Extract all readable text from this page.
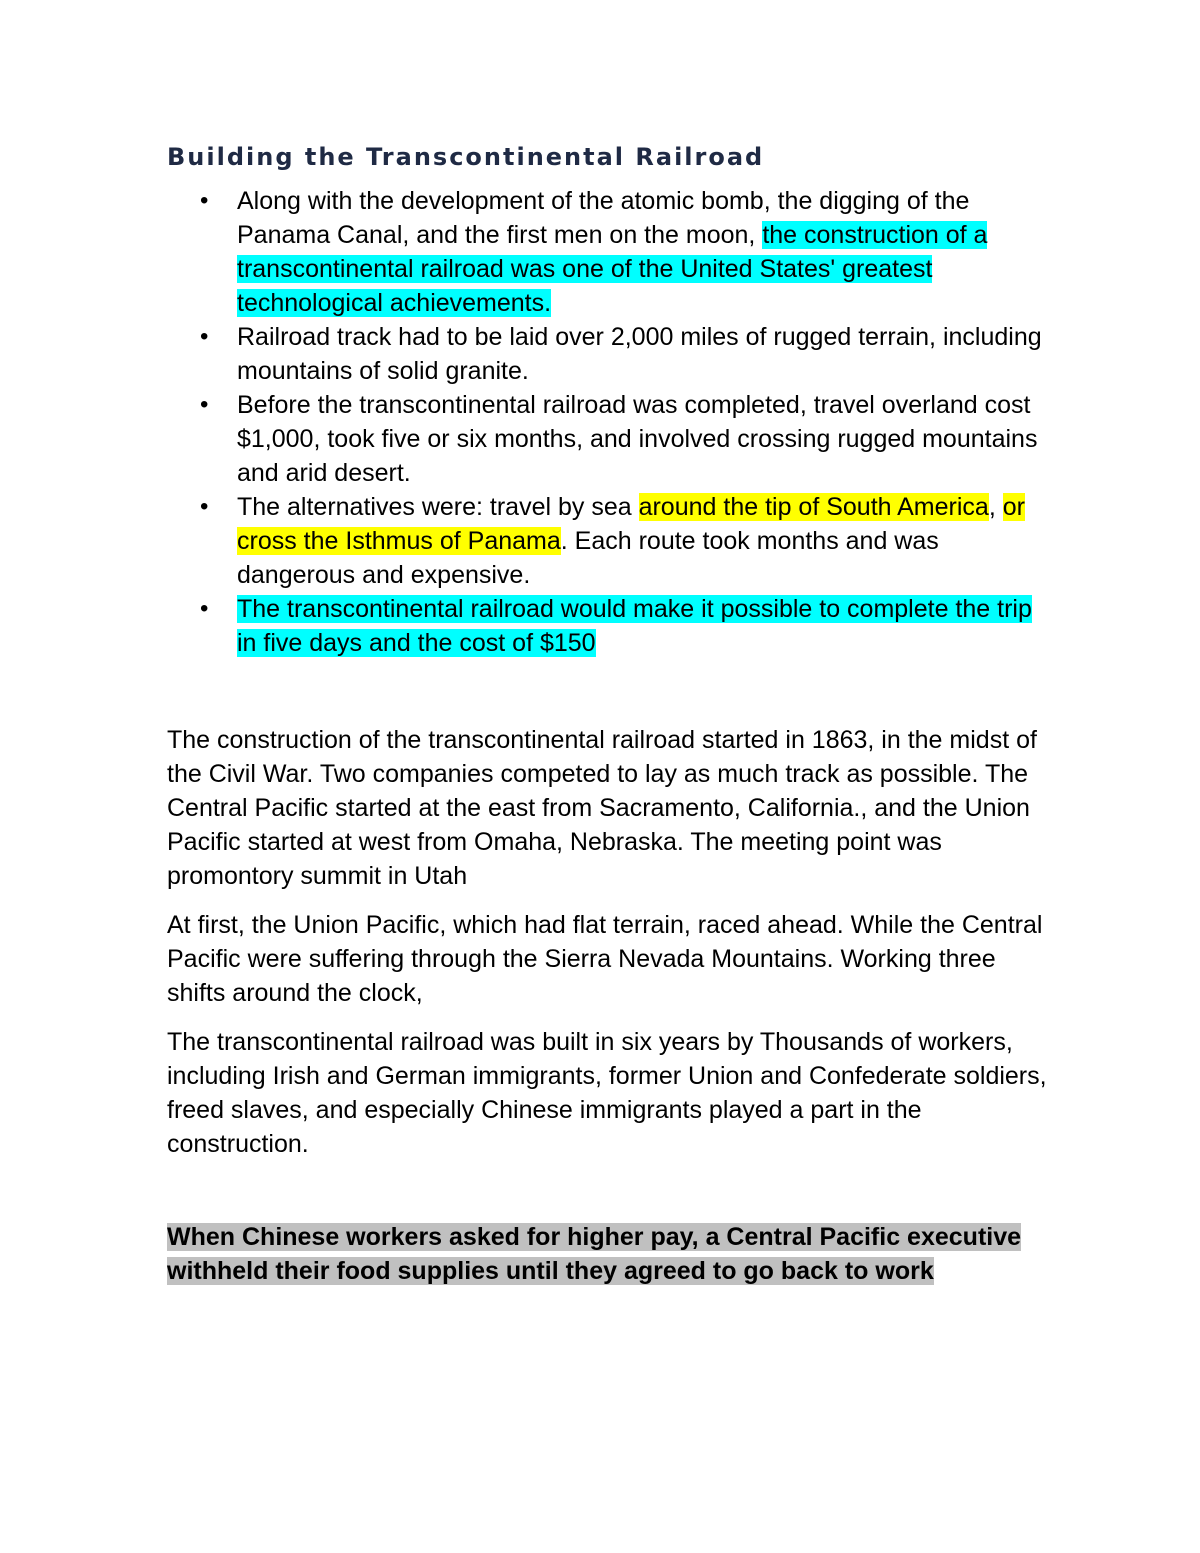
Building the Transcontinental Railroad
• Along with the development of the atomic bomb, the digging of the Panama Canal, and the first men on the moon, the construction of a transcontinental railroad was one of the United States' greatest technological achievements.
• Railroad track had to be laid over 2,000 miles of rugged terrain, including mountains of solid granite.
• Before the transcontinental railroad was completed, travel overland cost $1,000, took five or six months, and involved crossing rugged mountains and arid desert.
• The alternatives were: travel by sea around the tip of South America, or cross the Isthmus of Panama. Each route took months and was dangerous and expensive.
• The transcontinental railroad would make it possible to complete the trip in five days and the cost of $150

The construction of the transcontinental railroad started in 1863, in the midst of the Civil War. Two companies competed to lay as much track as possible. The Central Pacific started at the east from Sacramento, California., and the Union Pacific started at west from Omaha, Nebraska. The meeting point was promontory summit in Utah

At first, the Union Pacific, which had flat terrain, raced ahead. While the Central Pacific were suffering through the Sierra Nevada Mountains. Working three shifts around the clock,

The transcontinental railroad was built in six years by Thousands of workers, including Irish and German immigrants, former Union and Confederate soldiers, freed slaves, and especially Chinese immigrants played a part in the construction.

When Chinese workers asked for higher pay, a Central Pacific executive withheld their food supplies until they agreed to go back to work
